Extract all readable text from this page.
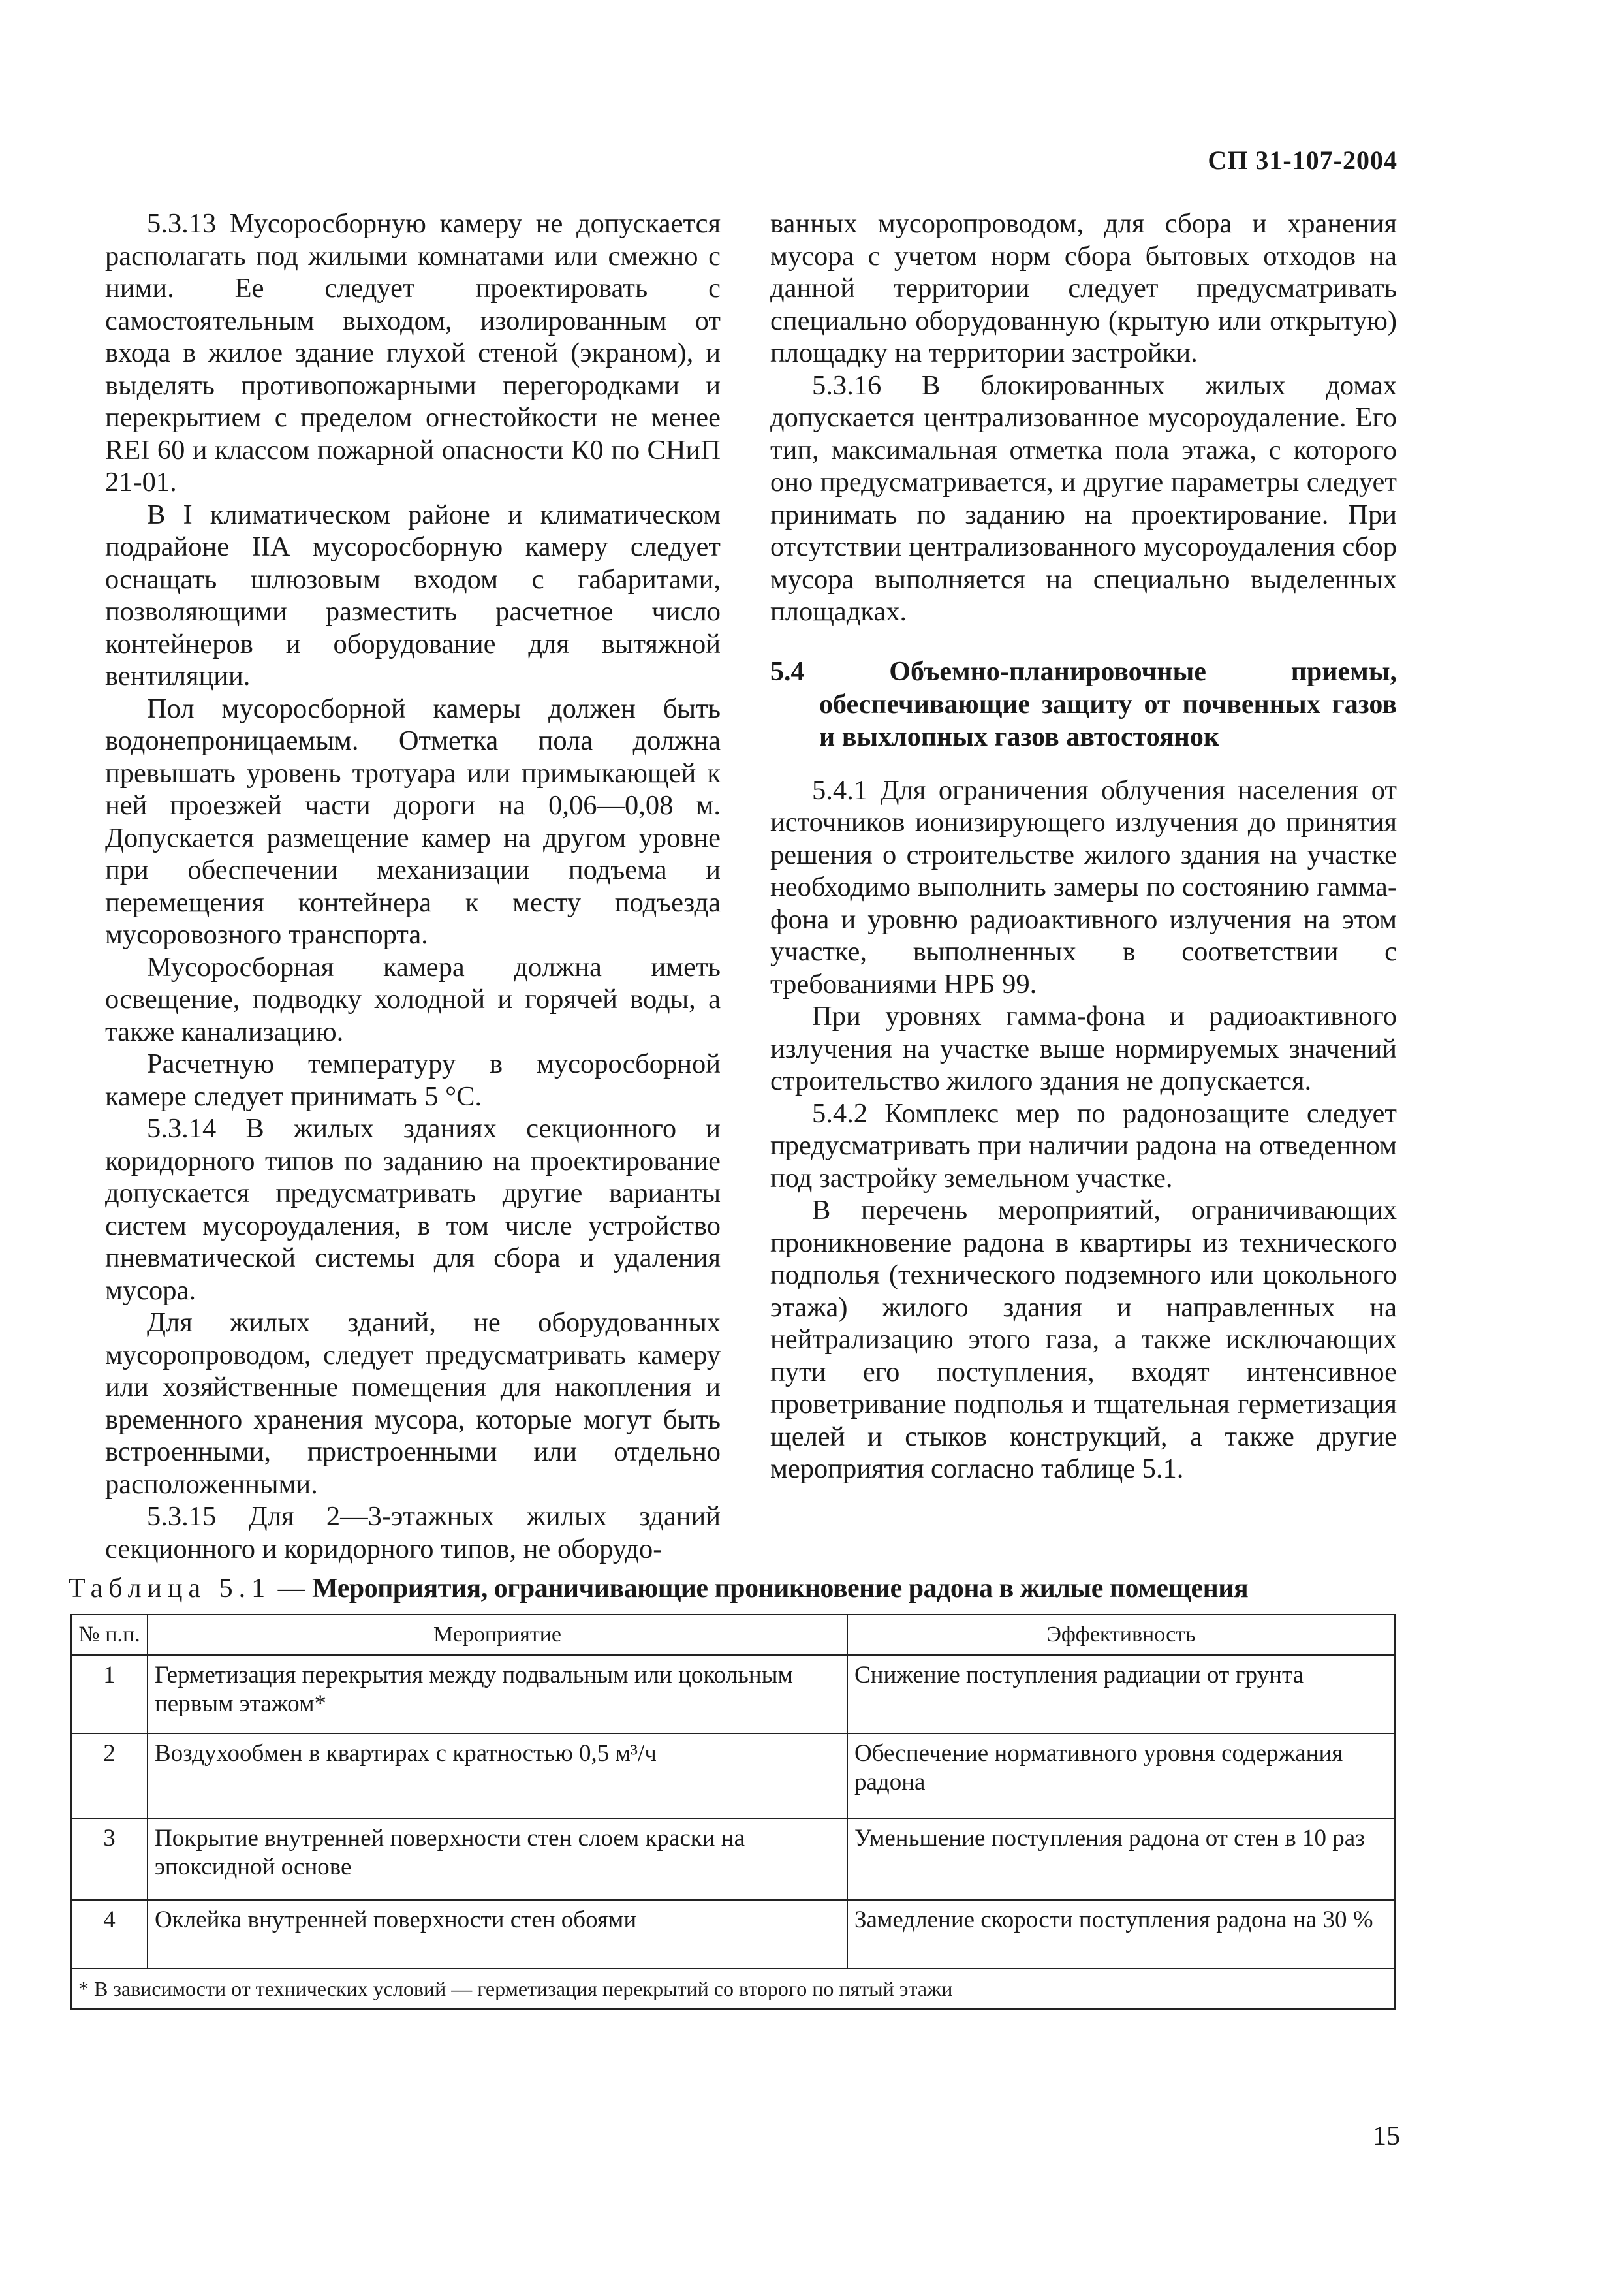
СП 31-107-2004

5.3.13 Мусоросборную камеру не допускается располагать под жилыми комнатами или смежно с ними. Ее следует проектировать с самостоятельным выходом, изолированным от входа в жилое здание глухой стеной (экраном), и выделять противопожарными перегородками и перекрытием с пределом огнестойкости не менее REI 60 и классом пожарной опасности К0 по СНиП 21-01.

В I климатическом районе и климатическом подрайоне IIА мусоросборную камеру следует оснащать шлюзовым входом с габаритами, позволяющими разместить расчетное число контейнеров и оборудование для вытяжной вентиляции.

Пол мусоросборной камеры должен быть водонепроницаемым. Отметка пола должна превышать уровень тротуара или примыкающей к ней проезжей части дороги на 0,06—0,08 м. Допускается размещение камер на другом уровне при обеспечении механизации подъема и перемещения контейнера к месту подъезда мусоровозного транспорта.

Мусоросборная камера должна иметь освещение, подводку холодной и горячей воды, а также канализацию.

Расчетную температуру в мусоросборной камере следует принимать 5 °С.

5.3.14 В жилых зданиях секционного и коридорного типов по заданию на проектирование допускается предусматривать другие варианты систем мусороудаления, в том числе устройство пневматической системы для сбора и удаления мусора.

Для жилых зданий, не оборудованных мусоропроводом, следует предусматривать камеру или хозяйственные помещения для накопления и временного хранения мусора, которые могут быть встроенными, пристроенными или отдельно расположенными.

5.3.15 Для 2—3-этажных жилых зданий секционного и коридорного типов, не оборудо-

ванных мусоропроводом, для сбора и хранения мусора с учетом норм сбора бытовых отходов на данной территории следует предусматривать специально оборудованную (крытую или открытую) площадку на территории застройки.

5.3.16 В блокированных жилых домах допускается централизованное мусороудаление. Его тип, максимальная отметка пола этажа, с которого оно предусматривается, и другие параметры следует принимать по заданию на проектирование. При отсутствии централизованного мусороудаления сбор мусора выполняется на специально выделенных площадках.

5.4 Объемно-планировочные приемы, обеспечивающие защиту от почвенных газов и выхлопных газов автостоянок

5.4.1 Для ограничения облучения населения от источников ионизирующего излучения до принятия решения о строительстве жилого здания на участке необходимо выполнить замеры по состоянию гамма-фона и уровню радиоактивного излучения на этом участке, выполненных в соответствии с требованиями НРБ 99.

При уровнях гамма-фона и радиоактивного излучения на участке выше нормируемых значений строительство жилого здания не допускается.

5.4.2 Комплекс мер по радонозащите следует предусматривать при наличии радона на отведенном под застройку земельном участке.

В перечень мероприятий, ограничивающих проникновение радона в квартиры из технического подполья (технического подземного или цокольного этажа) жилого здания и направленных на нейтрализацию этого газа, а также исключающих пути его поступления, входят интенсивное проветривание подполья и тщательная герметизация щелей и стыков конструкций, а также другие мероприятия согласно таблице 5.1.

Таблица 5.1 — Мероприятия, ограничивающие проникновение радона в жилые помещения
№ п.п.	Мероприятие	Эффективность
1	Герметизация перекрытия между подвальным или цокольным первым этажом*	Снижение поступления радиации от грунта
2	Воздухообмен в квартирах с кратностью 0,5 м³/ч	Обеспечение нормативного уровня содержания радона
3	Покрытие внутренней поверхности стен слоем краски на эпоксидной основе	Уменьшение поступления радона от стен в 10 раз
4	Оклейка внутренней поверхности стен обоями	Замедление скорости поступления радона на 30 %
* В зависимости от технических условий — герметизация перекрытий со второго по пятый этажи		
15
